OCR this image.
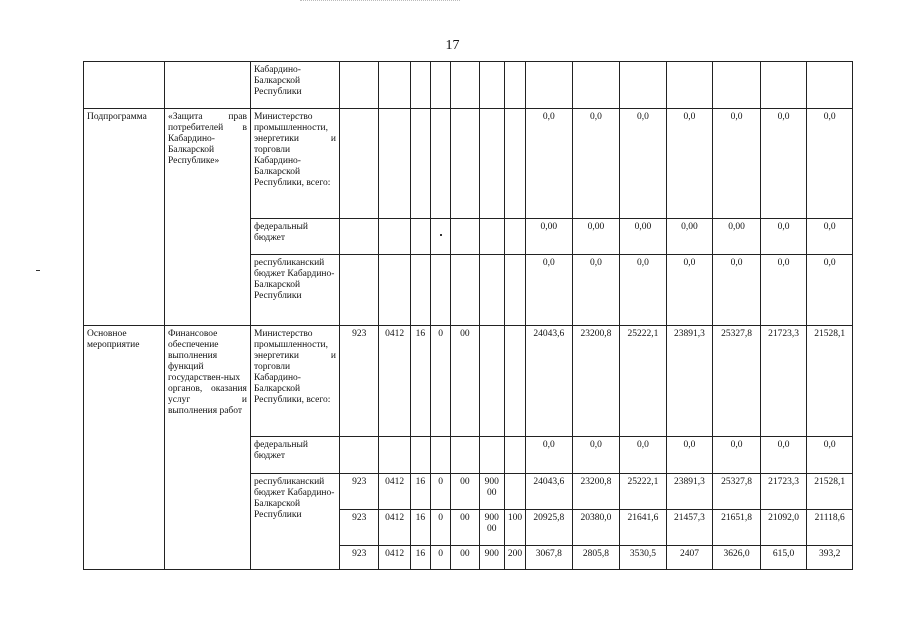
17
		Кабардино-Балкарской Республики														
Подпрограмма	«Защита прав потребителей в Кабардино-Балкарской Республике»	Министерство промышленности, энергетики и торговли Кабардино-Балкарской Республики, всего:								0,0	0,0	0,0	0,0	0,0	0,0	0,0
		федеральный бюджет								0,00	0,00	0,00	0,00	0,00	0,0	0,0
		республиканский бюджет Кабардино-Балкарской Республики								0,0	0,0	0,0	0,0	0,0	0,0	0,0
Основное мероприятие	Финансовое обеспечение выполнения функций государствен-ных органов, оказания услуг и выполнения работ	Министерство промышленности, энергетики и торговли Кабардино-Балкарской Республики, всего:	923	0412	16	0	00			24043,6	23200,8	25222,1	23891,3	25327,8	21723,3	21528,1
		федеральный бюджет								0,0	0,0	0,0	0,0	0,0	0,0	0,0
		республиканский бюджет Кабардино-Балкарской Республики	923	0412	16	0	00	900 00		24043,6	23200,8	25222,1	23891,3	25327,8	21723,3	21528,1
			923	0412	16	0	00	900 00	100	20925,8	20380,0	21641,6	21457,3	21651,8	21092,0	21118,6
			923	0412	16	0	00	900	200	3067,8	2805,8	3530,5	2407	3626,0	615,0	393,2
